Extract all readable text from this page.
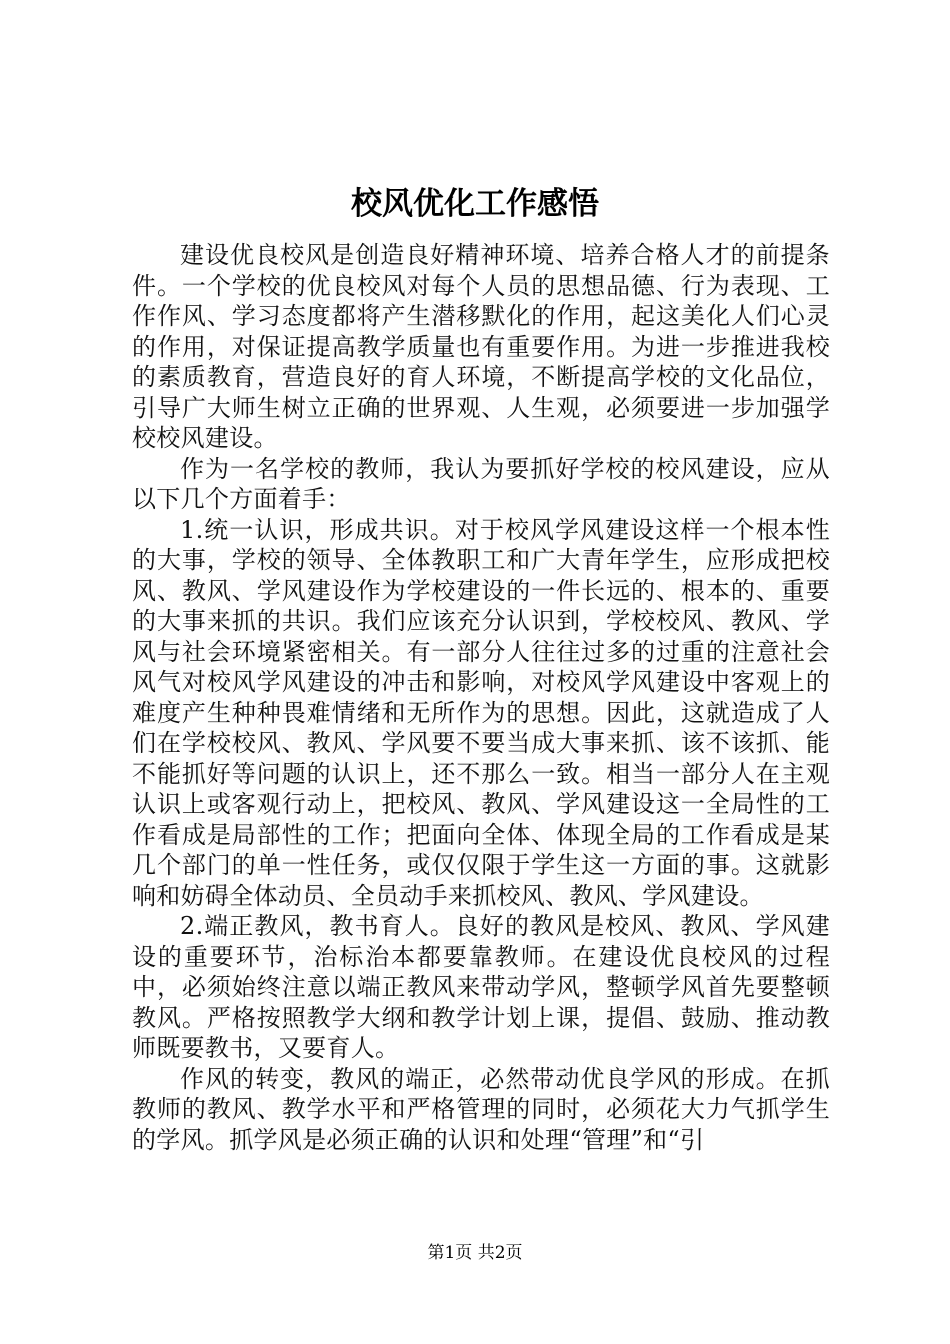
校风优化工作感悟

建设优良校风是创造良好精神环境、培养合格人才的前提条件。一个学校的优良校风对每个人员的思想品德、行为表现、工作作风、学习态度都将产生潜移默化的作用，起这美化人们心灵的作用，对保证提高教学质量也有重要作用。为进一步推进我校的素质教育，营造良好的育人环境，不断提高学校的文化品位，引导广大师生树立正确的世界观、人生观，必须要进一步加强学校校风建设。

作为一名学校的教师，我认为要抓好学校的校风建设，应从以下几个方面着手：

1.统一认识，形成共识。对于校风学风建设这样一个根本性的大事，学校的领导、全体教职工和广大青年学生，应形成把校风、教风、学风建设作为学校建设的一件长远的、根本的、重要的大事来抓的共识。我们应该充分认识到，学校校风、教风、学风与社会环境紧密相关。有一部分人往往过多的过重的注意社会风气对校风学风建设的冲击和影响，对校风学风建设中客观上的难度产生种种畏难情绪和无所作为的思想。因此，这就造成了人们在学校校风、教风、学风要不要当成大事来抓、该不该抓、能不能抓好等问题的认识上，还不那么一致。相当一部分人在主观认识上或客观行动上，把校风、教风、学风建设这一全局性的工作看成是局部性的工作；把面向全体、体现全局的工作看成是某几个部门的单一性任务，或仅仅限于学生这一方面的事。这就影响和妨碍全体动员、全员动手来抓校风、教风、学风建设。

2.端正教风，教书育人。良好的教风是校风、教风、学风建设的重要环节，治标治本都要靠教师。在建设优良校风的过程中，必须始终注意以端正教风来带动学风，整顿学风首先要整顿教风。严格按照教学大纲和教学计划上课，提倡、鼓励、推动教师既要教书，又要育人。

作风的转变，教风的端正，必然带动优良学风的形成。在抓教师的教风、教学水平和严格管理的同时，必须花大力气抓学生的学风。抓学风是必须正确的认识和处理“管理”和“引

第1页 共2页
